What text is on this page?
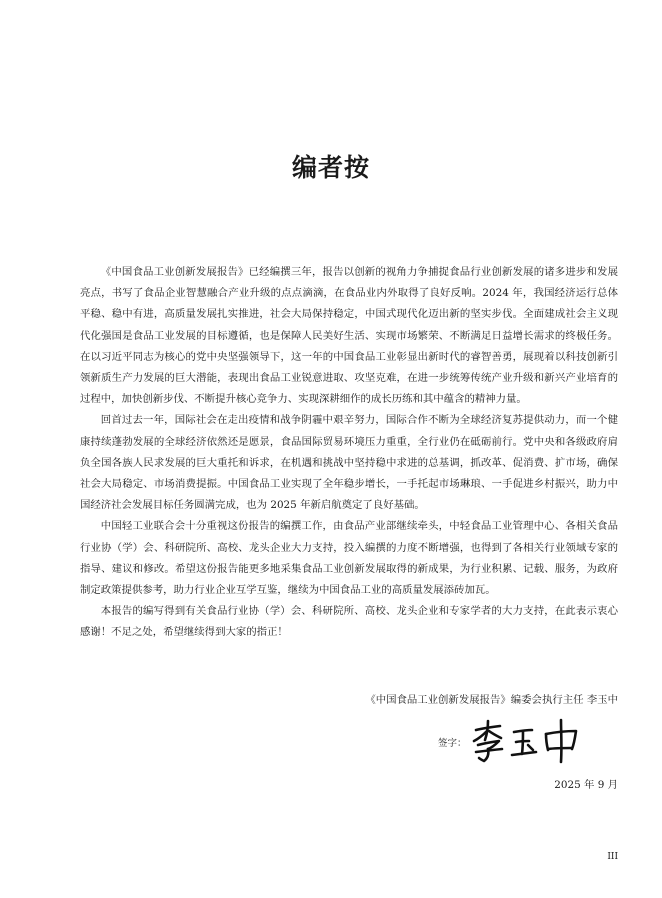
编者按

《中国食品工业创新发展报告》已经编撰三年，报告以创新的视角力争捕捉食品行业创新发展的诸多进步和发展亮点，书写了食品企业智慧融合产业升级的点点滴滴，在食品业内外取得了良好反响。2024 年，我国经济运行总体平稳、稳中有进，高质量发展扎实推进，社会大局保持稳定，中国式现代化迈出新的坚实步伐。全面建成社会主义现代化强国是食品工业发展的目标遵循，也是保障人民美好生活、实现市场繁荣、不断满足日益增长需求的终极任务。在以习近平同志为核心的党中央坚强领导下，这一年的中国食品工业彰显出新时代的睿智善勇，展现着以科技创新引领新质生产力发展的巨大潜能，表现出食品工业锐意进取、攻坚克难，在进一步统筹传统产业升级和新兴产业培育的过程中，加快创新步伐、不断提升核心竞争力、实现深耕细作的成长历练和其中蕴含的精神力量。

回首过去一年，国际社会在走出疫情和战争阴霾中艰辛努力，国际合作不断为全球经济复苏提供动力，而一个健康持续蓬勃发展的全球经济依然还是愿景，食品国际贸易环境压力重重，全行业仍在砥砺前行。党中央和各级政府肩负全国各族人民求发展的巨大重托和诉求，在机遇和挑战中坚持稳中求进的总基调，抓改革、促消费、扩市场，确保社会大局稳定、市场消费提振。中国食品工业实现了全年稳步增长，一手托起市场琳琅、一手促进乡村振兴，助力中国经济社会发展目标任务圆满完成，也为 2025 年新启航奠定了良好基础。

中国轻工业联合会十分重视这份报告的编撰工作，由食品产业部继续牵头，中轻食品工业管理中心、各相关食品行业协（学）会、科研院所、高校、龙头企业大力支持，投入编撰的力度不断增强，也得到了各相关行业领域专家的指导、建议和修改。希望这份报告能更多地采集食品工业创新发展取得的新成果，为行业积累、记载、服务，为政府制定政策提供参考，助力行业企业互学互鉴，继续为中国食品工业的高质量发展添砖加瓦。

本报告的编写得到有关食品行业协（学）会、科研院所、高校、龙头企业和专家学者的大力支持，在此表示衷心感谢！不足之处，希望继续得到大家的指正！

《中国食品工业创新发展报告》编委会执行主任 李玉中
签字：
2025 年 9 月
III
